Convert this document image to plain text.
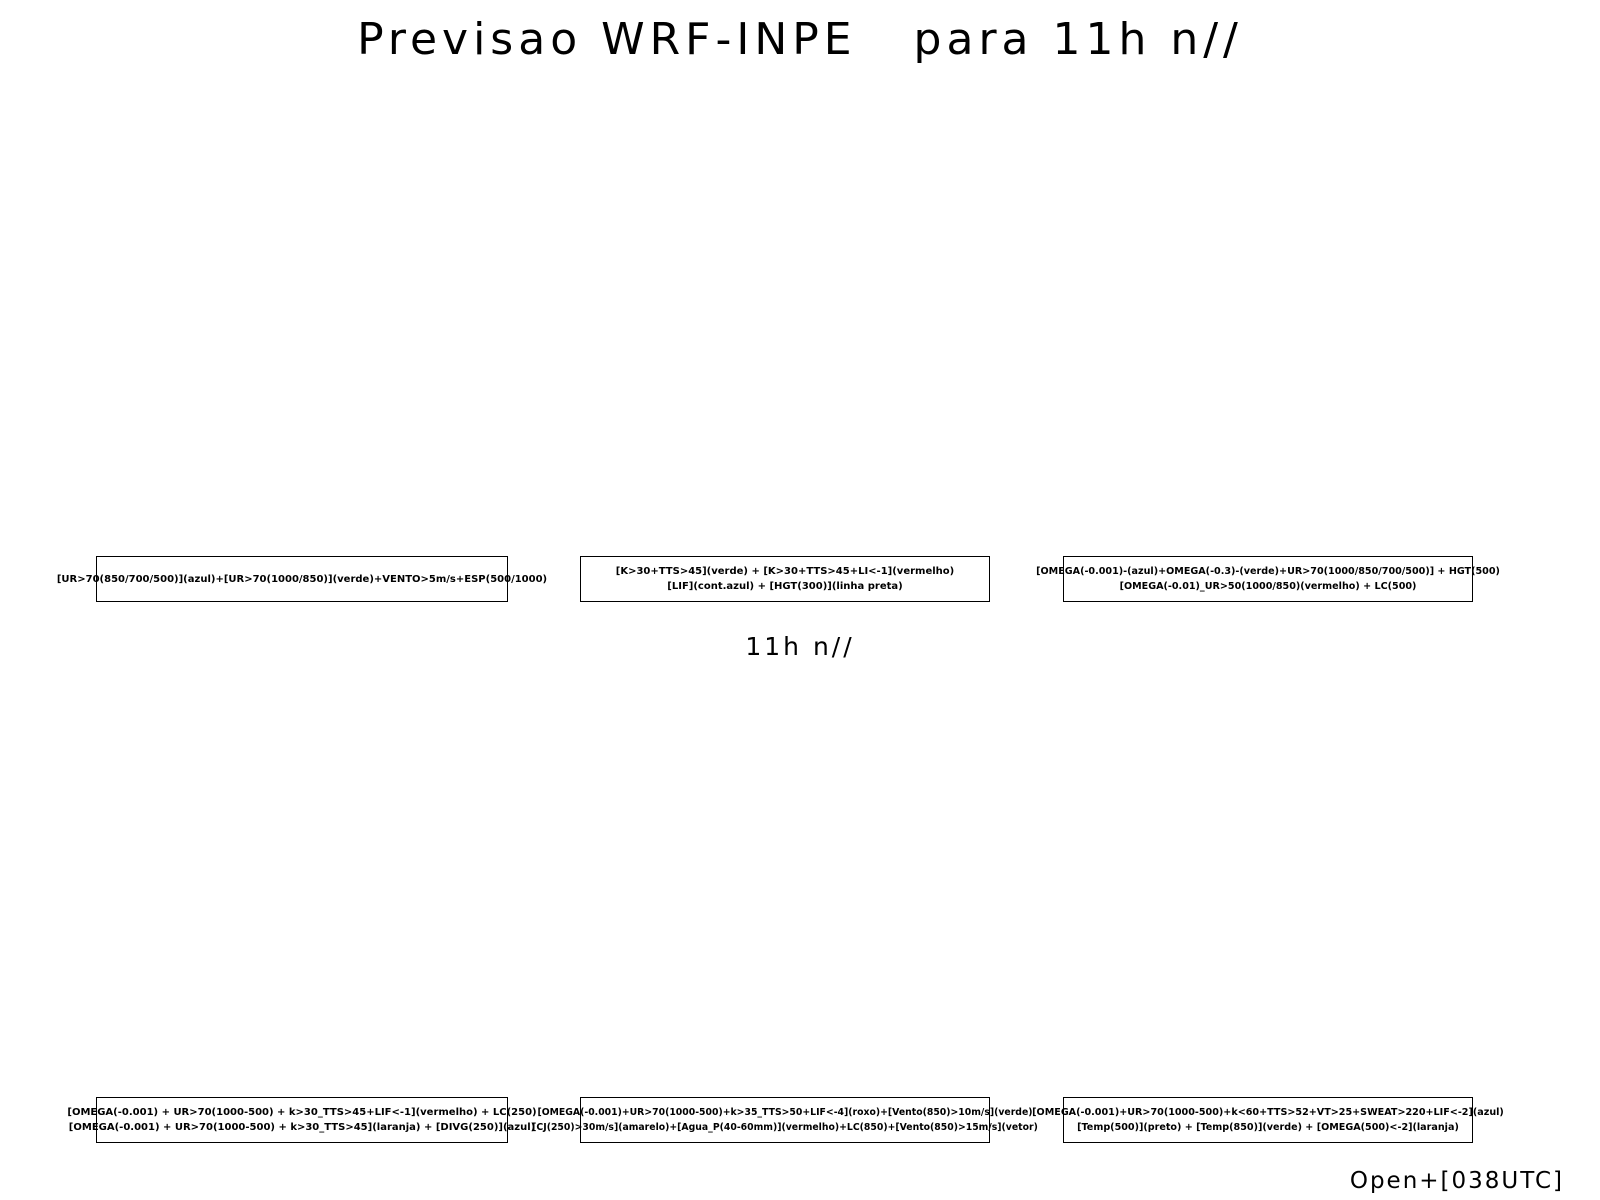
Previsao WRF-INPE   para 11h n//
[UR>70(850/700/500)](azul)+[UR>70(1000/850)](verde)+VENTO>5m/s+ESP(500/1000)
[K>30+TTS>45](verde) + [K>30+TTS>45+LI<-1](vermelho)
[LIF](cont.azul) + [HGT(300)](linha preta)
[OMEGA(-0.001)-(azul)+OMEGA(-0.3)-(verde)+UR>70(1000/850/700/500)] + HGT(500)
[OMEGA(-0.01)_UR>50(1000/850)(vermelho) + LC(500)
11h n//
[OMEGA(-0.001) + UR>70(1000-500) + k>30_TTS>45+LIF<-1](vermelho) + LC(250)
[OMEGA(-0.001) + UR>70(1000-500) + k>30_TTS>45](laranja) + [DIVG(250)](azul)
[OMEGA(-0.001)+UR>70(1000-500)+k>35_TTS>50+LIF<-4](roxo)+[Vento(850)>10m/s](verde)
[CJ(250)>30m/s](amarelo)+[Agua_P(40-60mm)](vermelho)+LC(850)+[Vento(850)>15m/s](vetor)
[OMEGA(-0.001)+UR>70(1000-500)+k<60+TTS>52+VT>25+SWEAT>220+LIF<-2](azul)
[Temp(500)](preto) + [Temp(850)](verde) + [OMEGA(500)<-2](laranja)
Open+[038UTC]
